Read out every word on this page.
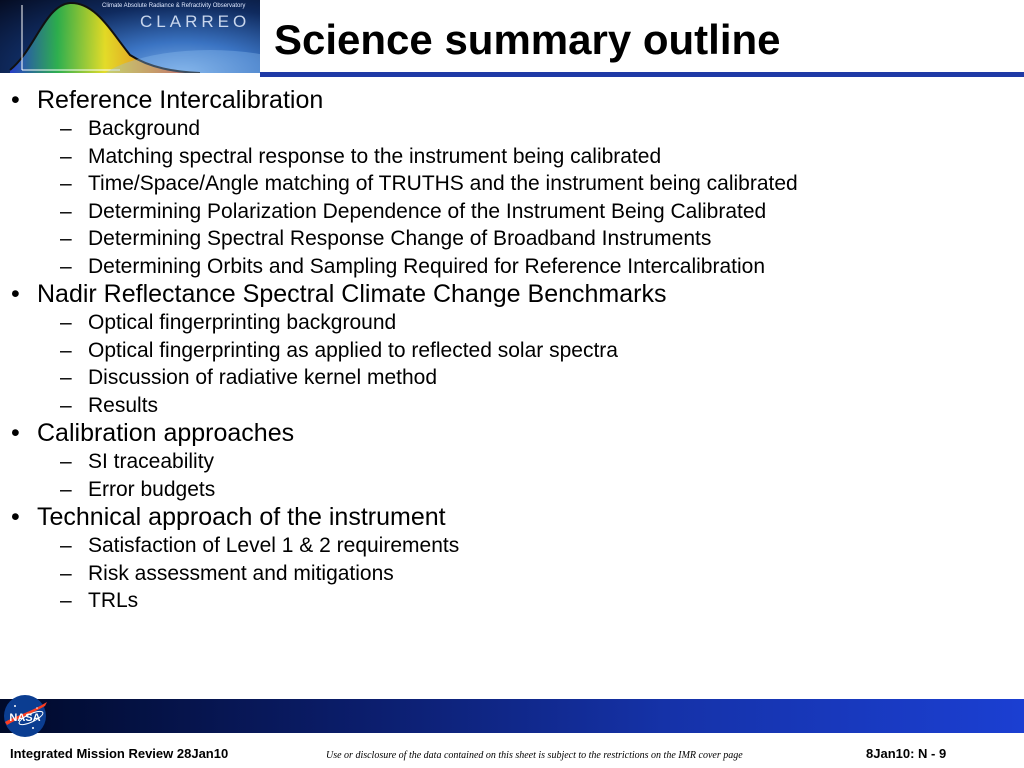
Climate Absolute Radiance & Refractivity Observatory
CLARREO Science summary outline
• Reference Intercalibration
– Background
– Matching spectral response to the instrument being calibrated
– Time/Space/Angle matching of TRUTHS and the instrument being calibrated
– Determining Polarization Dependence of the Instrument Being Calibrated
– Determining Spectral Response Change of Broadband Instruments
– Determining Orbits and Sampling Required for Reference Intercalibration
• Nadir Reflectance Spectral Climate Change Benchmarks
– Optical fingerprinting background
– Optical fingerprinting as applied to reflected solar spectra
– Discussion of radiative kernel method
– Results
• Calibration approaches
– SI traceability
– Error budgets
• Technical approach of the instrument
– Satisfaction of Level 1 & 2 requirements
– Risk assessment and mitigations
– TRLs
NASA
Integrated Mission Review 28Jan10	Use or disclosure of the data contained on this sheet is subject to the restrictions on the IMR cover page	8Jan10: N - 9
